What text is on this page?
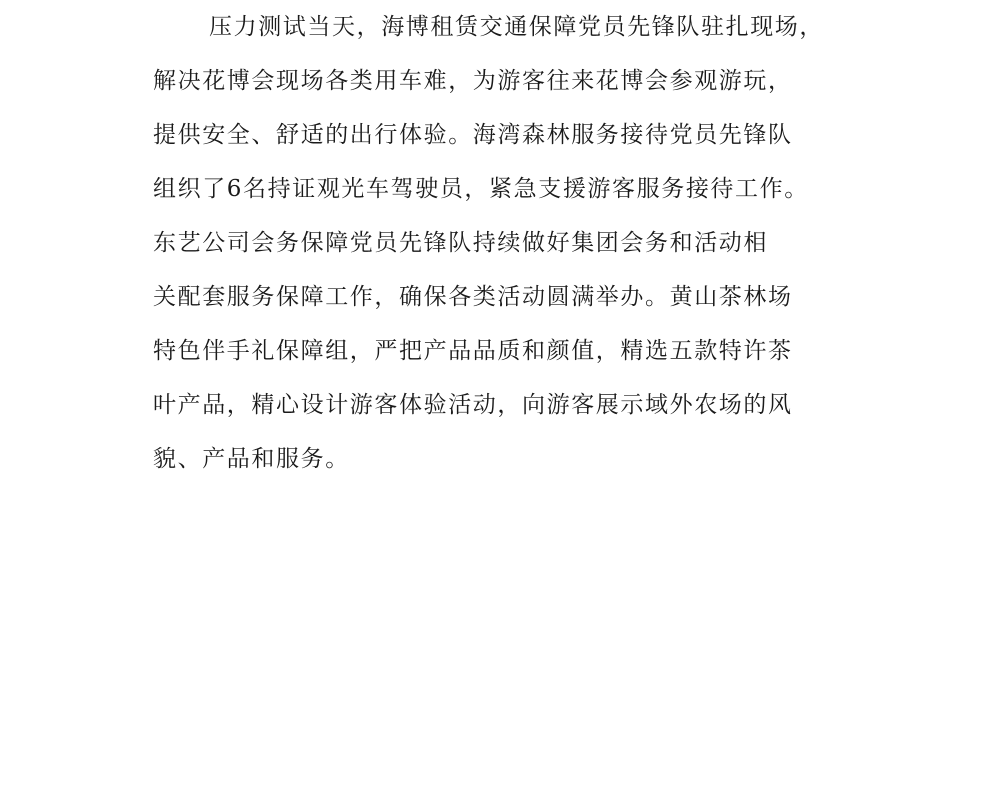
压力测试当天，海博租赁交通保障党员先锋队驻扎现场，
解决花博会现场各类用车难，为游客往来花博会参观游玩，
提供安全、舒适的出行体验。海湾森林服务接待党员先锋队
组织了6名持证观光车驾驶员，紧急支援游客服务接待工作。
东艺公司会务保障党员先锋队持续做好集团会务和活动相
关配套服务保障工作，确保各类活动圆满举办。黄山茶林场
特色伴手礼保障组，严把产品品质和颜值，精选五款特许茶
叶产品，精心设计游客体验活动，向游客展示域外农场的风
貌、产品和服务。
